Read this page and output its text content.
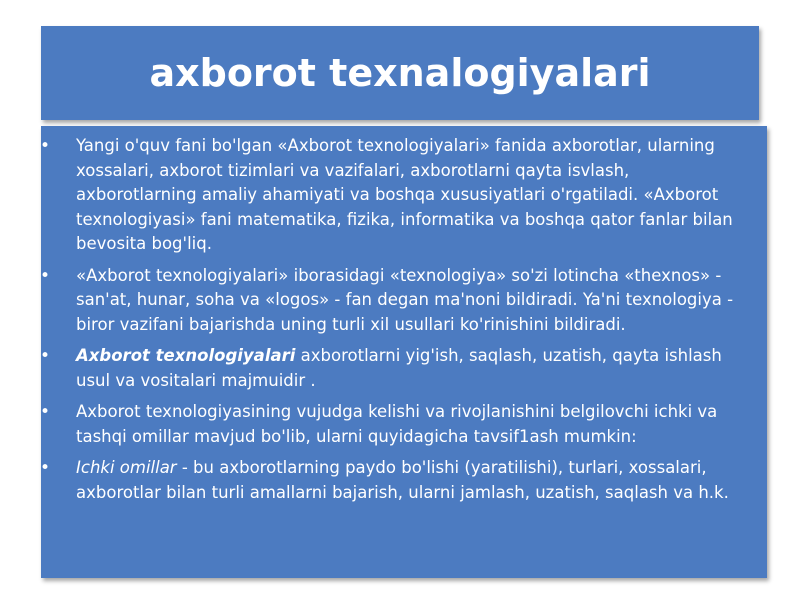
axborot texnalogiyalari
• Yangi o'quv fani bo'lgan «Axborot texnologiyalari» fanida axborotlar, ularning xossalari, axborot tizimlari va vazifalari, axborotlarni qayta isvlash, axborotlarning amaliy ahamiyati va boshqa xususiyatlari o'rgatiladi. «Axborot texnologiyasi» fani matematika, fizika, informatika va boshqa qator fanlar bilan bevosita bog'liq.
• «Axborot texnologiyalari» iborasidagi «texnologiya» so'zi lotincha «thexnos» - san'at, hunar, soha va «logos» - fan degan ma'noni bildiradi. Ya'ni texnologiya - biror vazifani bajarishda uning turli xil usullari ko'rinishini bildiradi.
• Axborot texnologiyalari axborotlarni yig'ish, saqlash, uzatish, qayta ishlash usul va vositalari majmuidir .
• Axborot texnologiyasining vujudga kelishi va rivojlanishini belgilovchi ichki va tashqi omillar mavjud bo'lib, ularni quyidagicha tavsif1ash mumkin:
• Ichki omillar - bu axborotlarning paydo bo'lishi (yaratilishi), turlari, xossalari, axborotlar bilan turli amallarni bajarish, ularni jamlash, uzatish, saqlash va h.k.
